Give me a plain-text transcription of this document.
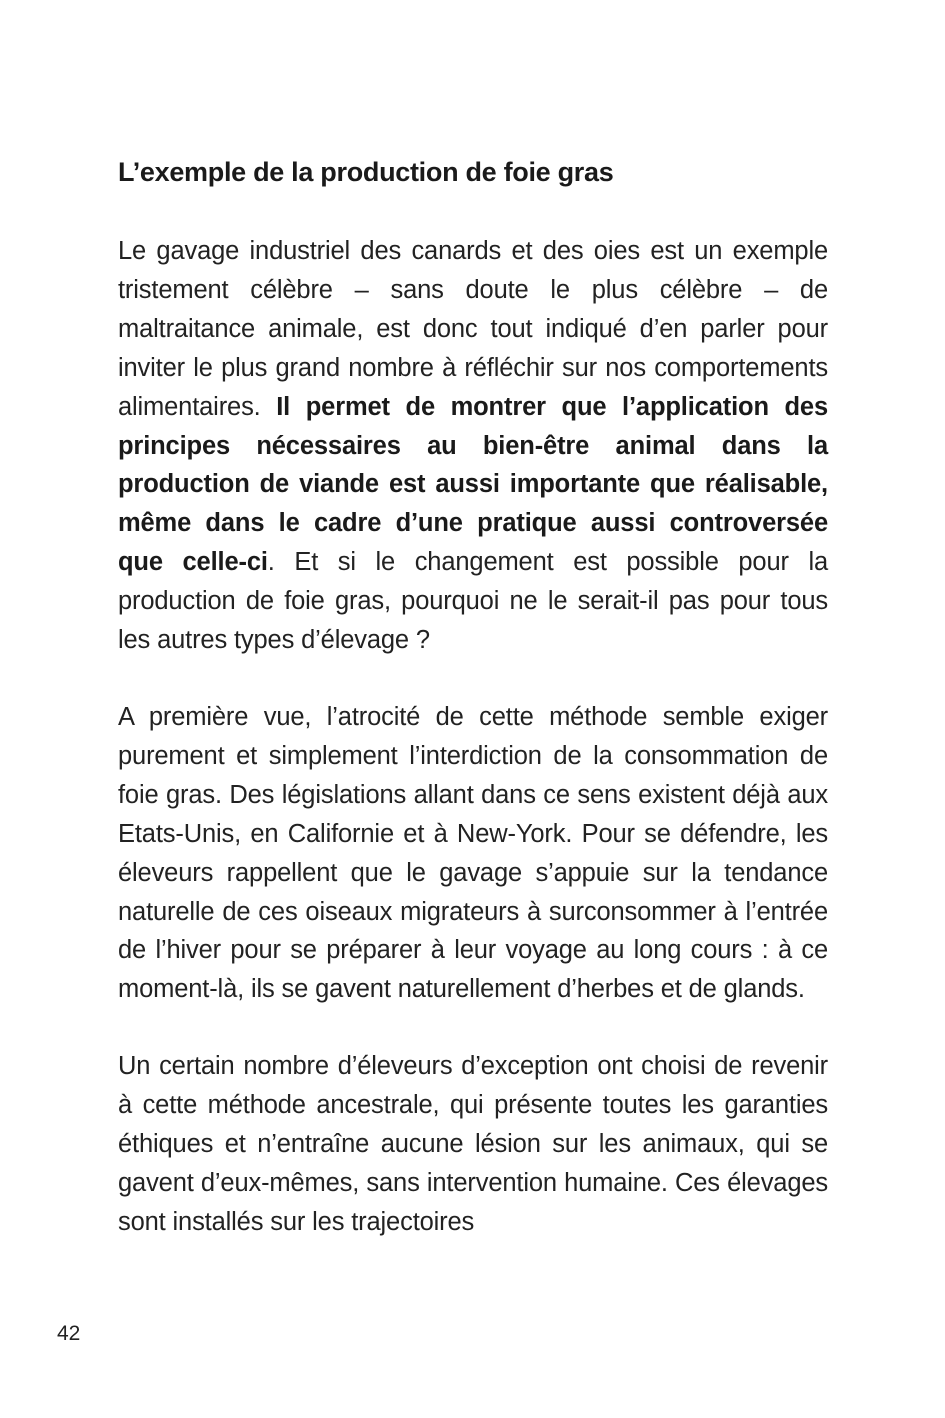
L’exemple de la production de foie gras

Le gavage industriel des canards et des oies est un exemple tristement célèbre – sans doute le plus célèbre – de maltraitance animale, est donc tout indiqué d’en parler pour inviter le plus grand nombre à réfléchir sur nos comportements alimentaires. Il permet de montrer que l’application des principes nécessaires au bien-être animal dans la production de viande est aussi importante que réalisable, même dans le cadre d’une pratique aussi controversée que celle-ci. Et si le changement est possible pour la production de foie gras, pourquoi ne le serait-il pas pour tous les autres types d’élevage ?

A première vue, l’atrocité de cette méthode semble exiger purement et simplement l’interdiction de la consommation de foie gras. Des législations allant dans ce sens existent déjà aux Etats-Unis, en Californie et à New-York. Pour se défendre, les éleveurs rappellent que le gavage s’appuie sur la tendance naturelle de ces oiseaux migrateurs à surconsommer à l’entrée de l’hiver pour se préparer à leur voyage au long cours : à ce moment-là, ils se gavent naturellement d’herbes et de glands.

Un certain nombre d’éleveurs d’exception ont choisi de revenir à cette méthode ancestrale, qui présente toutes les garanties éthiques et n’entraîne aucune lésion sur les animaux, qui se gavent d’eux-mêmes, sans intervention humaine. Ces élevages sont installés sur les trajectoires

42
